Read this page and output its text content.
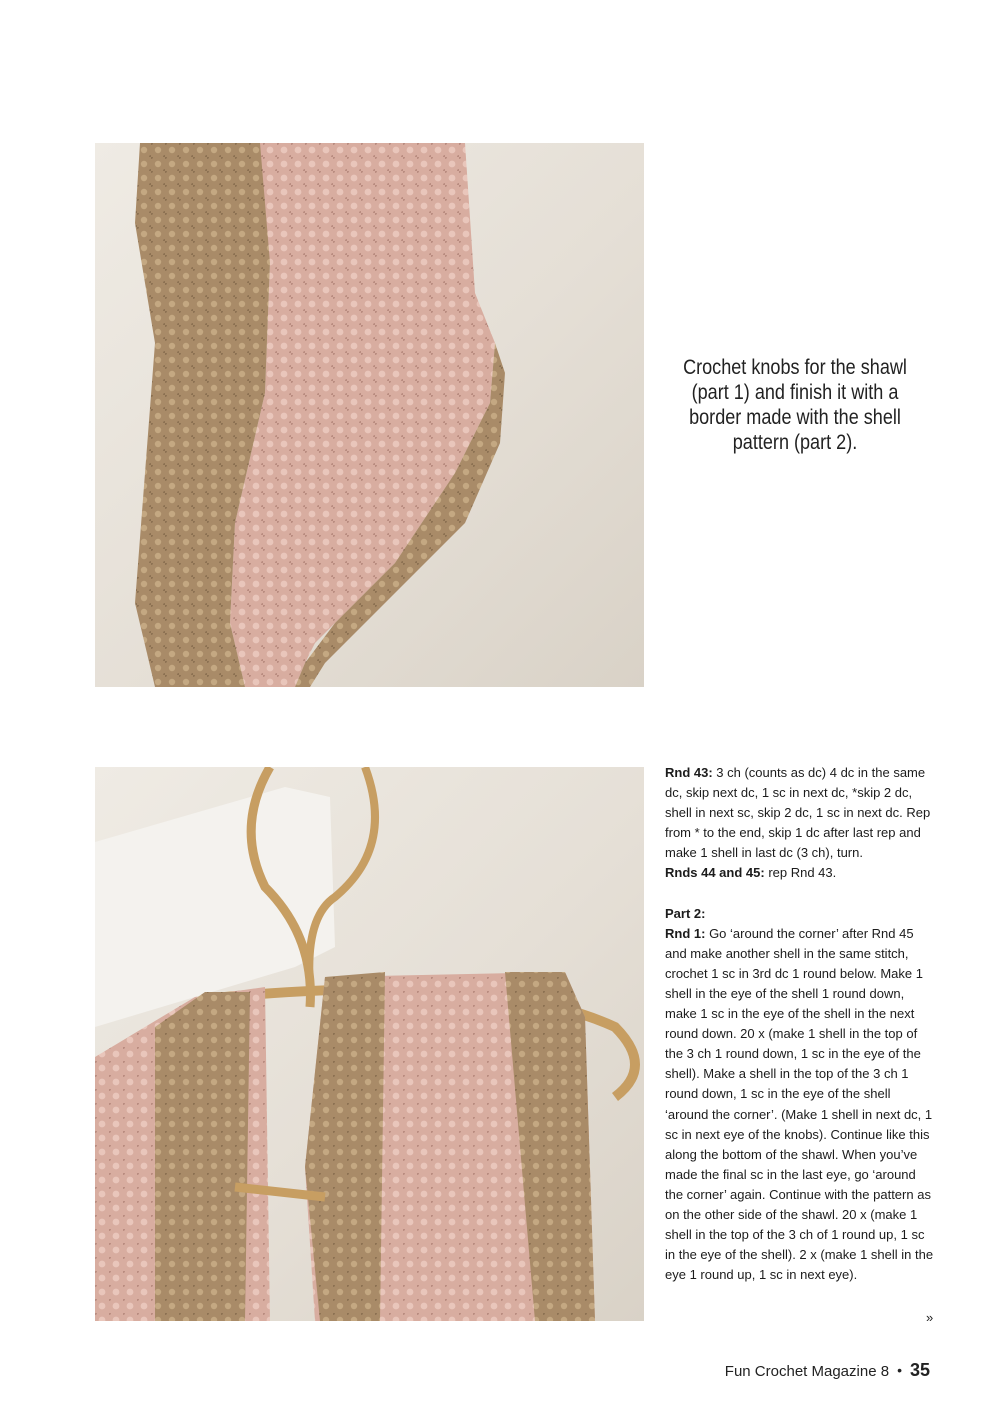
Crochet knobs for the shawl (part 1) and finish it with a border made with the shell pattern (part 2).

Rnd 43: 3 ch (counts as dc) 4 dc in the same dc, skip next dc, 1 sc in next dc, *skip 2 dc, shell in next sc, skip 2 dc, 1 sc in next dc. Rep from * to the end, skip 1 dc after last rep and make 1 shell in last dc (3 ch), turn.

Rnds 44 and 45: rep Rnd 43.

Part 2:

Rnd 1: Go ‘around the corner’ after Rnd 45 and make another shell in the same stitch, crochet 1 sc in 3rd dc 1 round below. Make 1 shell in the eye of the shell 1 round down, make 1 sc in the eye of the shell in the next round down. 20 x (make 1 shell in the top of the 3 ch 1 round down, 1 sc in the eye of the shell). Make a shell in the top of the 3 ch 1 round down, 1 sc in the eye of the shell ‘around the corner’. (Make 1 shell in next dc, 1 sc in next eye of the knobs). Continue like this along the bottom of the shawl. When you’ve made the final sc in the last eye, go ‘around the corner’ again. Continue with the pattern as on the other side of the shawl. 20 x (make 1 shell in the top of the 3 ch of 1 round up, 1 sc in the eye of the shell). 2 x (make 1 shell in the eye 1 round up, 1 sc in next eye).

»
Fun Crochet Magazine 8 • 35
